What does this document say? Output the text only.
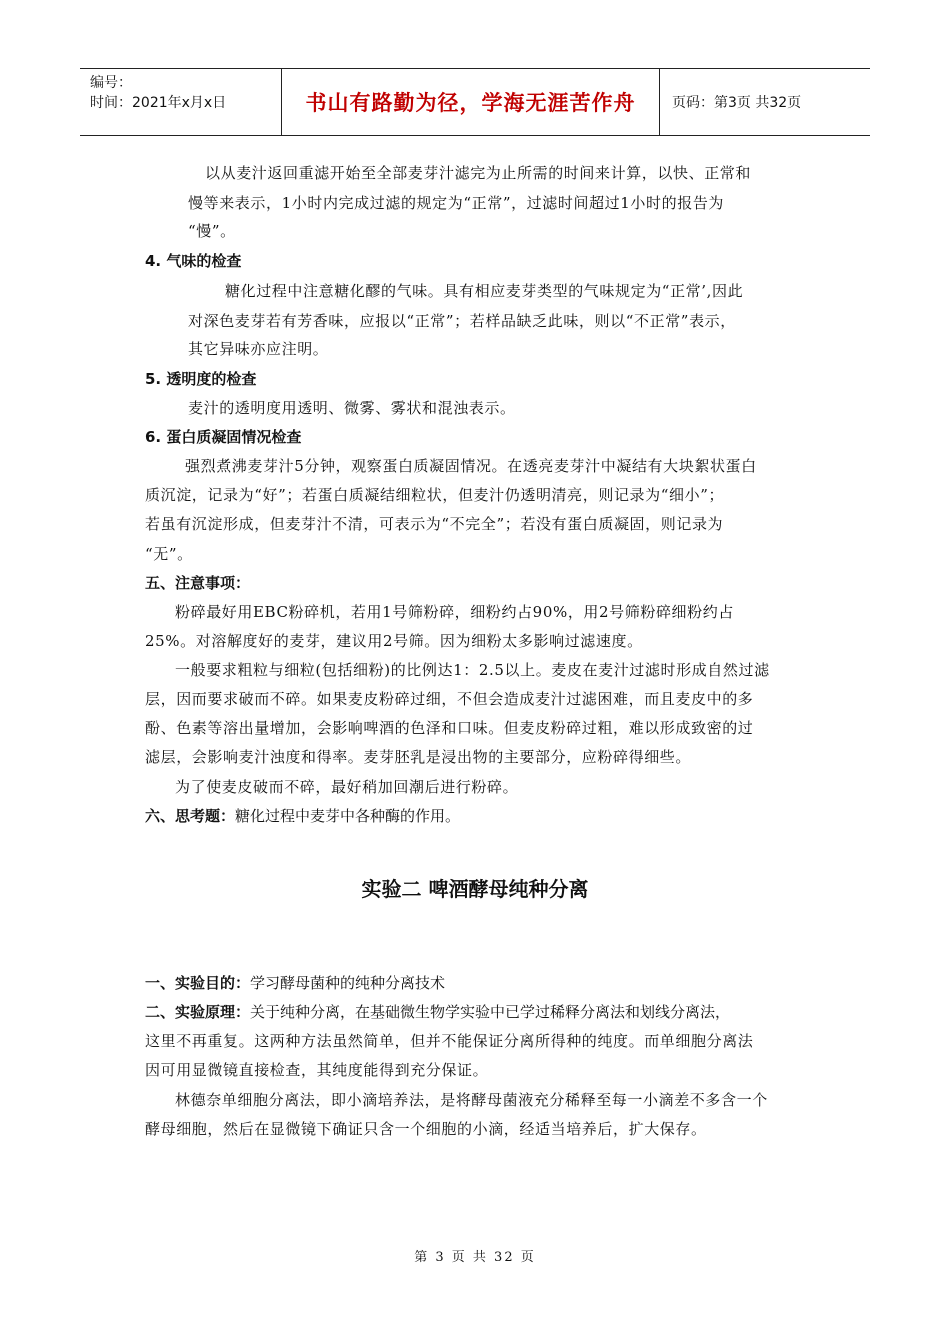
编号：
时间：2021年x月x日	书山有路勤为径，学海无涯苦作舟	页码：第3页 共32页
以从麦汁返回重滤开始至全部麦芽汁滤完为止所需的时间来计算，以快、正常和
慢等来表示，1小时内完成过滤的规定为“正常”，过滤时间超过1小时的报告为
“慢”。
4. 气味的检查
糖化过程中注意糖化醪的气味。具有相应麦芽类型的气味规定为“正常’,因此
对深色麦芽若有芳香味，应报以“正常”；若样品缺乏此味，则以“不正常”表示，
其它异味亦应注明。
5. 透明度的检查
麦汁的透明度用透明、微雾、雾状和混浊表示。
6. 蛋白质凝固情况检查
强烈煮沸麦芽汁5分钟，观察蛋白质凝固情况。在透亮麦芽汁中凝结有大块絮状蛋白
质沉淀，记录为“好”；若蛋白质凝结细粒状，但麦汁仍透明清亮，则记录为“细小”；
若虽有沉淀形成，但麦芽汁不清，可表示为“不完全”；若没有蛋白质凝固，则记录为
“无”。
五、注意事项：
粉碎最好用EBC粉碎机，若用1号筛粉碎，细粉约占90%，用2号筛粉碎细粉约占
25%。对溶解度好的麦芽，建议用2号筛。因为细粉太多影响过滤速度。
一般要求粗粒与细粒(包括细粉)的比例达1：2.5以上。麦皮在麦汁过滤时形成自然过滤
层，因而要求破而不碎。如果麦皮粉碎过细，不但会造成麦汁过滤困难，而且麦皮中的多
酚、色素等溶出量增加，会影响啤酒的色泽和口味。但麦皮粉碎过粗，难以形成致密的过
滤层，会影响麦汁浊度和得率。麦芽胚乳是浸出物的主要部分，应粉碎得细些。
为了使麦皮破而不碎，最好稍加回潮后进行粉碎。
六、思考题：糖化过程中麦芽中各种酶的作用。
实验二 啤酒酵母纯种分离
一、实验目的：学习酵母菌种的纯种分离技术
二、实验原理：关于纯种分离，在基础微生物学实验中已学过稀释分离法和划线分离法，
这里不再重复。这两种方法虽然简单，但并不能保证分离所得种的纯度。而单细胞分离法
因可用显微镜直接检查，其纯度能得到充分保证。
林德奈单细胞分离法，即小滴培养法，是将酵母菌液充分稀释至每一小滴差不多含一个
酵母细胞，然后在显微镜下确证只含一个细胞的小滴，经适当培养后，扩大保存。
第 3 页 共 32 页
